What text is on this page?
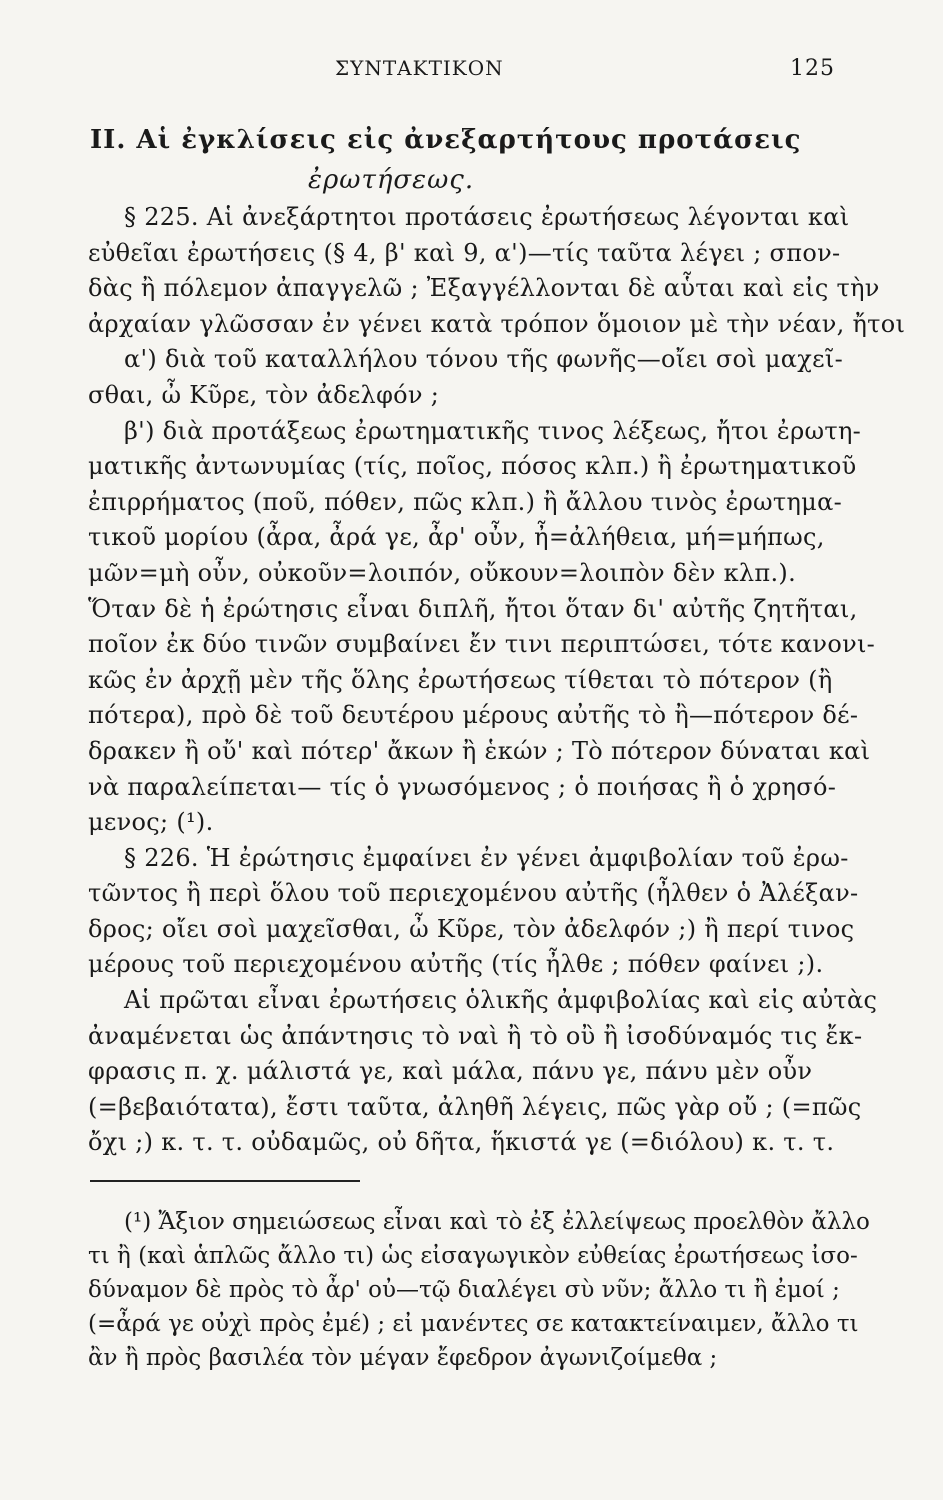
ΣΥΝΤΑΚΤΙΚΟΝ	125
ΙΙ. Αἱ ἐγκλίσεις εἰς ἀνεξαρτήτους προτάσεις
ἐρωτήσεως.
§ 225. Αἱ ἀνεξάρτητοι προτάσεις ἐρωτήσεως λέγονται καὶ
εὐθεῖαι ἐρωτήσεις (§ 4, β' καὶ 9, α')—τίς ταῦτα λέγει ; σπον-
δὰς ἢ πόλεμον ἀπαγγελῶ ; Ἐξαγγέλλονται δὲ αὗται καὶ εἰς τὴν
ἀρχαίαν γλῶσσαν ἐν γένει κατὰ τρόπον ὅμοιον μὲ τὴν νέαν, ἤτοι
α') διὰ τοῦ καταλλήλου τόνου τῆς φωνῆς—οἴει σοὶ μαχεῖ-
σθαι, ὦ Κῦρε, τὸν ἀδελφόν ;
β') διὰ προτάξεως ἐρωτηματικῆς τινος λέξεως, ἤτοι ἐρωτη-
ματικῆς ἀντωνυμίας (τίς, ποῖος, πόσος κλπ.) ἢ ἐρωτηματικοῦ
ἐπιρρήματος (ποῦ, πόθεν, πῶς κλπ.) ἢ ἄλλου τινὸς ἐρωτημα-
τικοῦ μορίου (ἆρα, ἆρά γε, ἆρ' οὖν, ἦ=ἀλήθεια, μή=μήπως,
μῶν=μὴ οὖν, οὐκοῦν=λοιπόν, οὔκουν=λοιπὸν δὲν κλπ.).
Ὅταν δὲ ἡ ἐρώτησις εἶναι διπλῆ, ἤτοι ὅταν δι' αὐτῆς ζητῆται,
ποῖον ἐκ δύο τινῶν συμβαίνει ἔν τινι περιπτώσει, τότε κανονι-
κῶς ἐν ἀρχῇ μὲν τῆς ὅλης ἐρωτήσεως τίθεται τὸ πότερον (ἢ
πότερα), πρὸ δὲ τοῦ δευτέρου μέρους αὐτῆς τὸ ἢ—πότερον δέ-
δρακεν ἢ οὔ' καὶ πότερ' ἄκων ἢ ἑκών ; Τὸ πότερον δύναται καὶ
νὰ παραλείπεται— τίς ὁ γνωσόμενος ; ὁ ποιήσας ἢ ὁ χρησό-
μενος; (¹).
§ 226. Ἡ ἐρώτησις ἐμφαίνει ἐν γένει ἀμφιβολίαν τοῦ ἐρω-
τῶντος ἢ περὶ ὅλου τοῦ περιεχομένου αὐτῆς (ἦλθεν ὁ Ἀλέξαν-
δρος; οἴει σοὶ μαχεῖσθαι, ὦ Κῦρε, τὸν ἀδελφόν ;) ἢ περί τινος
μέρους τοῦ περιεχομένου αὐτῆς (τίς ἦλθε ; πόθεν φαίνει ;).
Αἱ πρῶται εἶναι ἐρωτήσεις ὁλικῆς ἀμφιβολίας καὶ εἰς αὐτὰς
ἀναμένεται ὡς ἀπάντησις τὸ ναὶ ἢ τὸ οὒ ἢ ἰσοδύναμός τις ἔκ-
φρασις π. χ. μάλιστά γε, καὶ μάλα, πάνυ γε, πάνυ μὲν οὖν
(=βεβαιότατα), ἔστι ταῦτα, ἀληθῆ λέγεις, πῶς γὰρ οὔ ; (=πῶς
ὄχι ;) κ. τ. τ. οὐδαμῶς, οὐ δῆτα, ἥκιστά γε (=διόλου) κ. τ. τ.
(¹) Ἄξιον σημειώσεως εἶναι καὶ τὸ ἐξ ἐλλείψεως προελθὸν ἄλλο
τι ἢ (καὶ ἁπλῶς ἄλλο τι) ὡς εἰσαγωγικὸν εὐθείας ἐρωτήσεως ἰσο-
δύναμον δὲ πρὸς τὸ ἆρ' οὐ—τῷ διαλέγει σὺ νῦν; ἄλλο τι ἢ ἐμοί ;
(=ἆρά γε οὐχὶ πρὸς ἐμέ) ; εἰ μανέντες σε κατακτείναιμεν, ἄλλο τι
ἂν ἢ πρὸς βασιλέα τὸν μέγαν ἔφεδρον ἀγωνιζοίμεθα ;
